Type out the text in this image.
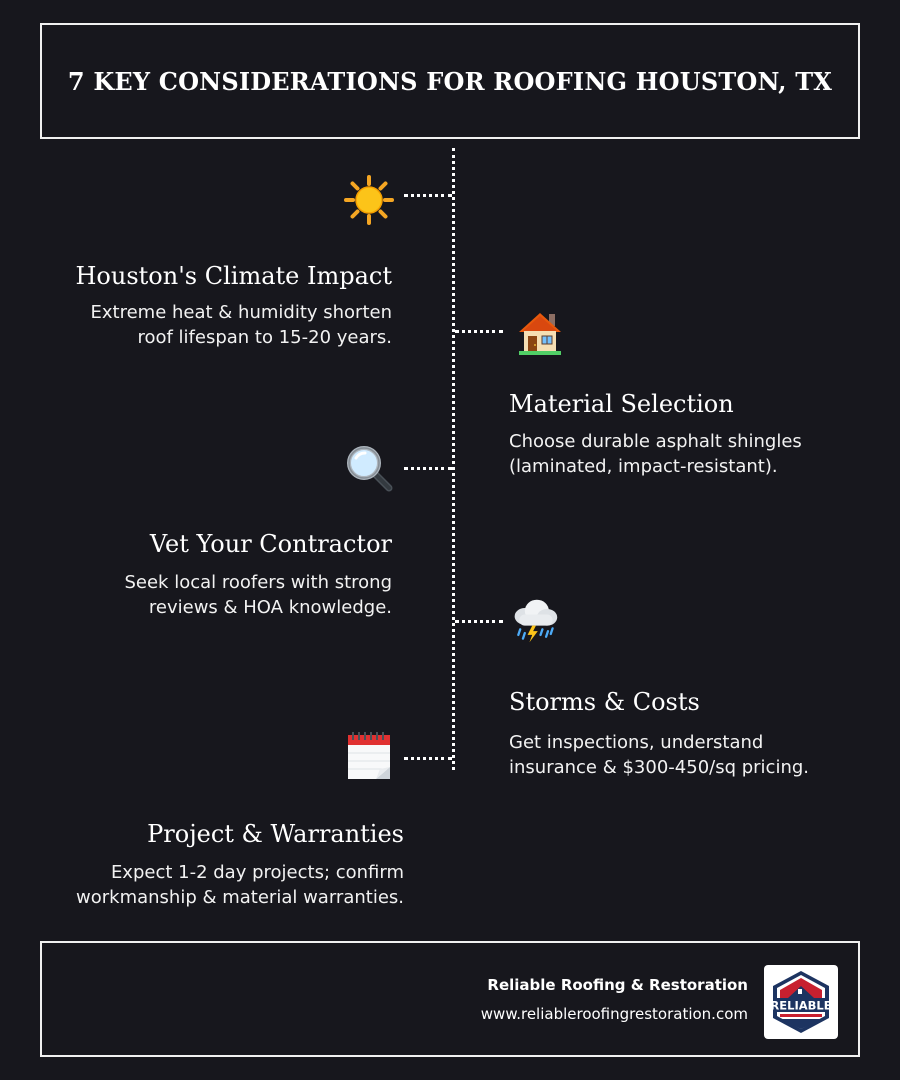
7 KEY CONSIDERATIONS FOR ROOFING HOUSTON, TX
Houston's Climate Impact
Extreme heat & humidity shorten
roof lifespan to 15-20 years.
Material Selection
Choose durable asphalt shingles
(laminated, impact-resistant).
Vet Your Contractor
Seek local roofers with strong
reviews & HOA knowledge.
Storms & Costs
Get inspections, understand
insurance & $300-450/sq pricing.
Project & Warranties
Expect 1-2 day projects; confirm
workmanship & material warranties.
Reliable Roofing & Restoration
www.reliableroofingrestoration.com RELIABLE
